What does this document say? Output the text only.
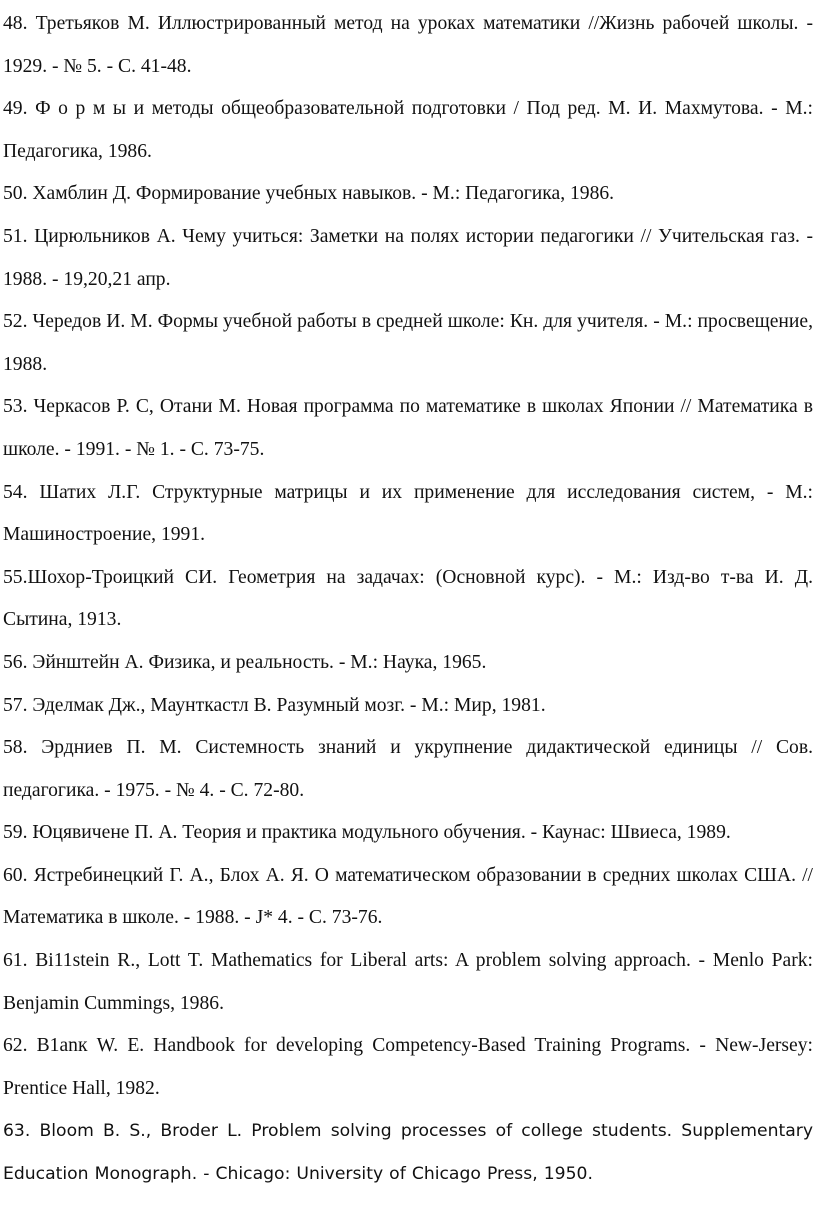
48. Третьяков М. Иллюстрированный метод на уроках математики //Жизнь рабочей школы. - 1929. - № 5. - С. 41-48.

49. Ф о р м ы и методы общеобразовательной подготовки / Под ред. М. И. Махмутова. - М.: Педагогика, 1986.

50. Хамблин Д. Формирование учебных навыков. - М.: Педагогика, 1986.

51. Цирюльников А. Чему учиться: Заметки на полях истории педагогики // Учительская газ. - 1988. - 19,20,21 апр.

52. Чередов И. М. Формы учебной работы в средней школе: Кн. для учителя. - М.: просвещение, 1988.

53. Черкасов Р. С, Отани М. Новая программа по математике в школах Японии // Математика в школе. - 1991. - № 1. - С. 73-75.

54. Шатих Л.Г. Структурные матрицы и их применение для исследования систем, - М.: Машиностроение, 1991.

55.Шохор-Троицкий СИ. Геометрия на задачах: (Основной курс). - М.: Изд-во т-ва И. Д. Сытина, 1913.

56. Эйнштейн А. Физика, и реальность. - М.: Наука, 1965.

57. Эделмак Дж., Маунткастл В. Разумный мозг. - М.: Мир, 1981.

58. Эрдниев П. М. Системность знаний и укрупнение дидактической единицы // Сов. педагогика. - 1975. - № 4. - С. 72-80.

59. Юцявичене П. А. Теория и практика модульного обучения. - Каунас: Швиеса, 1989.

60. Ястребинецкий Г. А., Блох А. Я. О математическом образовании в средних школах США. // Математика в школе. - 1988. - J* 4. - С. 73-76.

61. Bi11stein R., Lott T. Mathematics for Liberal arts: A problem solving approach. - Menlo Park: Benjamin Cummings, 1986.

62. B1anк W. E. Handbook for developing Competency-Based Training Programs. - New-Jersey: Prentice Hall, 1982.

63. Bloom B. S., Broder L. Problem solving processes of college students. Supplementary Education Monograph. - Chicago: University of Chicago Press, 1950.
